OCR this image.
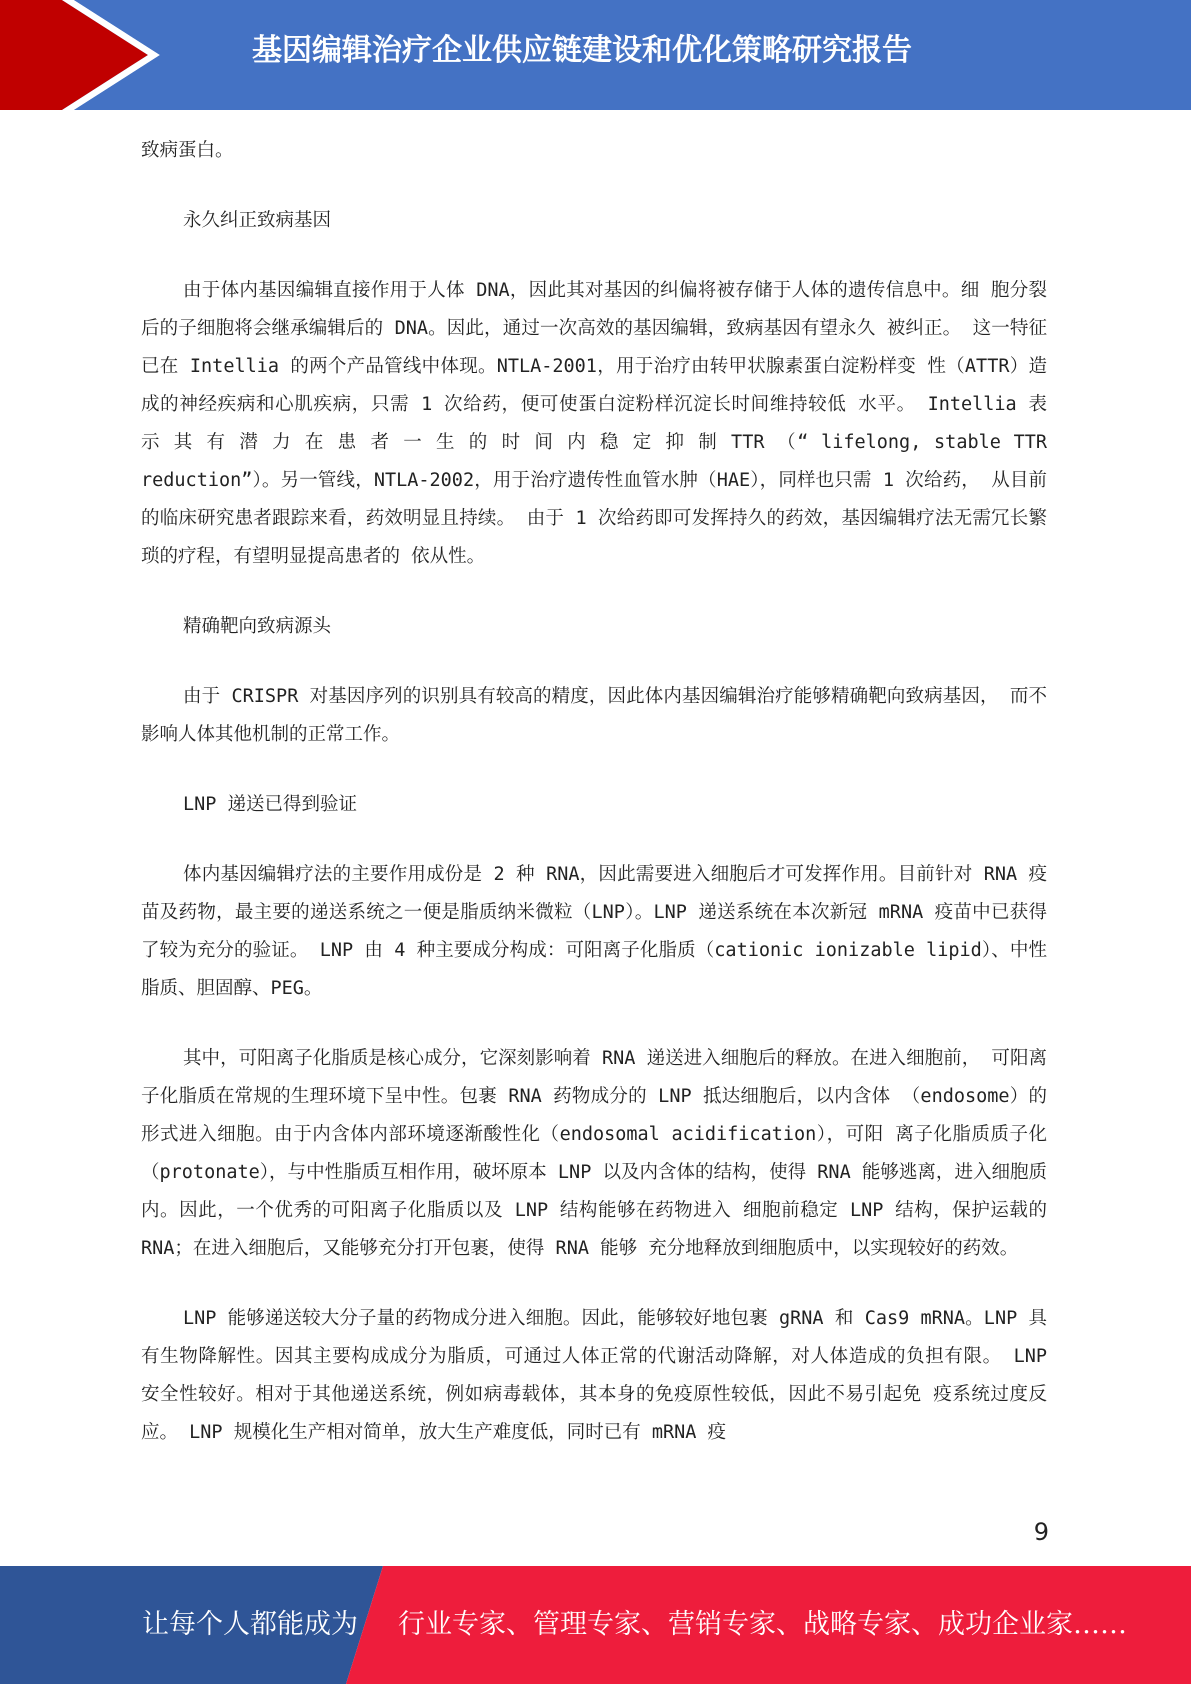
基因编辑治疗企业供应链建设和优化策略研究报告

致病蛋白。

永久纠正致病基因

由于体内基因编辑直接作用于人体 DNA，因此其对基因的纠偏将被存储于人体的遗传信息中。细 胞分裂后的子细胞将会继承编辑后的 DNA。因此，通过一次高效的基因编辑，致病基因有望永久 被纠正。 这一特征已在 Intellia 的两个产品管线中体现。NTLA-2001，用于治疗由转甲状腺素蛋白淀粉样变 性（ATTR）造成的神经疾病和心肌疾病，只需 1 次给药，便可使蛋白淀粉样沉淀长时间维持较低 水平。 Intellia 表 示 其 有 潜 力 在 患 者 一 生 的 时 间 内 稳 定 抑 制 TTR （“ lifelong, stable TTR reduction”）。另一管线，NTLA-2002，用于治疗遗传性血管水肿（HAE），同样也只需 1 次给药， 从目前的临床研究患者跟踪来看，药效明显且持续。 由于 1 次给药即可发挥持久的药效，基因编辑疗法无需冗长繁琐的疗程，有望明显提高患者的 依从性。

精确靶向致病源头

由于 CRISPR 对基因序列的识别具有较高的精度，因此体内基因编辑治疗能够精确靶向致病基因， 而不影响人体其他机制的正常工作。

LNP 递送已得到验证

体内基因编辑疗法的主要作用成份是 2 种 RNA，因此需要进入细胞后才可发挥作用。目前针对 RNA 疫苗及药物，最主要的递送系统之一便是脂质纳米微粒（LNP）。LNP 递送系统在本次新冠 mRNA 疫苗中已获得了较为充分的验证。 LNP 由 4 种主要成分构成：可阳离子化脂质（cationic ionizable lipid）、中性脂质、胆固醇、PEG。

其中，可阳离子化脂质是核心成分，它深刻影响着 RNA 递送进入细胞后的释放。在进入细胞前， 可阳离子化脂质在常规的生理环境下呈中性。包裹 RNA 药物成分的 LNP 抵达细胞后，以内含体 （endosome）的形式进入细胞。由于内含体内部环境逐渐酸性化（endosomal acidification），可阳 离子化脂质质子化（protonate），与中性脂质互相作用，破坏原本 LNP 以及内含体的结构，使得 RNA 能够逃离，进入细胞质内。因此，一个优秀的可阳离子化脂质以及 LNP 结构能够在药物进入 细胞前稳定 LNP 结构，保护运载的 RNA；在进入细胞后，又能够充分打开包裹，使得 RNA 能够 充分地释放到细胞质中，以实现较好的药效。

LNP 能够递送较大分子量的药物成分进入细胞。因此，能够较好地包裹 gRNA 和 Cas9 mRNA。LNP 具有生物降解性。因其主要构成成分为脂质，可通过人体正常的代谢活动降解，对人体造成的负担有限。 LNP 安全性较好。相对于其他递送系统，例如病毒载体，其本身的免疫原性较低，因此不易引起免 疫系统过度反应。 LNP 规模化生产相对简单，放大生产难度低，同时已有 mRNA 疫

9
让每个人都能成为 行业专家、管理专家、营销专家、战略专家、成功企业家……
